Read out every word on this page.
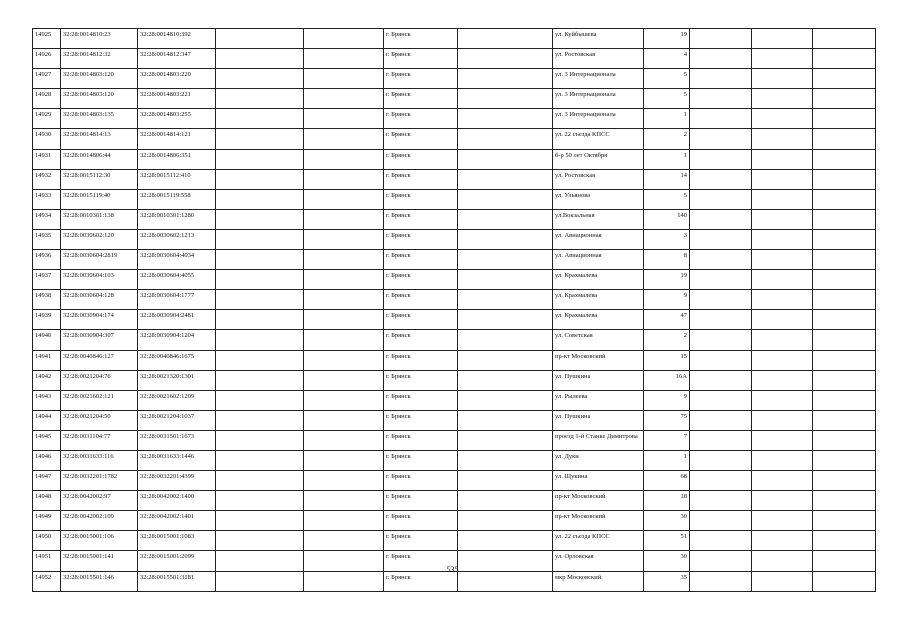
14925	32:28:0014810:23	32:28:0014810:392			г. Брянск		ул. Куйбышева	19			
14926	32:28:0014812:32	32:28:0014812:347			г. Брянск		ул. Ростовская	4			
14927	32:28:0014803:120	32:28:0014803:220			г. Брянск		ул. 3 Интернационала	5			
14928	32:28:0014803:120	32:28:0014803:221			г. Брянск		ул. 3 Интернационала	5			
14929	32:28:0014803:135	32:28:0014803:255			г. Брянск		ул. 3 Интернационала	1			
14930	32:28:0014814:13	32:28:0014814:121			г. Брянск		ул. 22 съезда КПСС	2			
14931	32:28:0014806:44	32:28:0014806:351			г. Брянск		б-р 50 лет Октября	1			
14932	32:28:0015112:30	32:28:0015112:410			г. Брянск		ул. Ростовская	14			
14933	32:28:0015119:40	32:28:0015119:558			г. Брянск		ул. Ульянова	5			
14934	32:28:0010301:138	32:28:0010301:1280			г. Брянск		ул.Вокзальная	140			
14935	32:28:0030602:120	32:28:0030602:1213			г. Брянск		ул. Авиационная	3			
14936	32:28:0030604:2819	32:28:0030604:4034			г. Брянск		ул. Авиационная	8			
14937	32:28:0030604:103	32:28:0030604:4055			г. Брянск		ул. Крахмалева	19			
14938	32:28:0030604:128	32:28:0030604:1777			г. Брянск		ул. Крахмалева	9			
14939	32:28:0030904:174	32:28:0030904:2481			г. Брянск		ул. Крахмалева	47			
14940	32:28:0030904:307	32:28:0030904:1204			г. Брянск		ул. Советская	2			
14941	32:28:0040846:127	32:28:0040846:1675			г. Брянск		пр-кт Московский	15			
14942	32:28:0021204:76	32:28:0021320:1301			г. Брянск		ул. Пушкина	16А			
14943	32:28:0021602:121	32:28:0021602:1209			г. Брянск		ул. Рылеева	9			
14944	32:28:0021204:50	32:28:0021204:1037			г. Брянск		ул. Пушкина	75			
14945	32:28:0031104:77	32:28:0031501:1673			г. Брянск		проезд 1-й Станке Димитрова	7			
14946	32:28:0031633:116	32:28:0031633:1446			г. Брянск		ул. Дуки	1			
14947	32:28:0032201:1782	32:28:0032201:4399			г. Брянск		ул. Щукина	68			
14948	32:28:0042002:97	32:28:0042002:1400			г. Брянск		пр-кт Московский	18			
14949	32:28:0042002:109	32:28:0042002:1401			г. Брянск		пр-кт Московский	30			
14950	32:28:0015001:106	32:28:0015001:1083			г. Брянск		ул. 22 съезда КПСС	51			
14951	32:28:0015001:141	32:28:0015001:2099			г. Брянск		ул. Орловская	30			
14952	32:28:0015501:146	32:28:0015501:3181			г. Брянск		мкр Московский	35			
535
